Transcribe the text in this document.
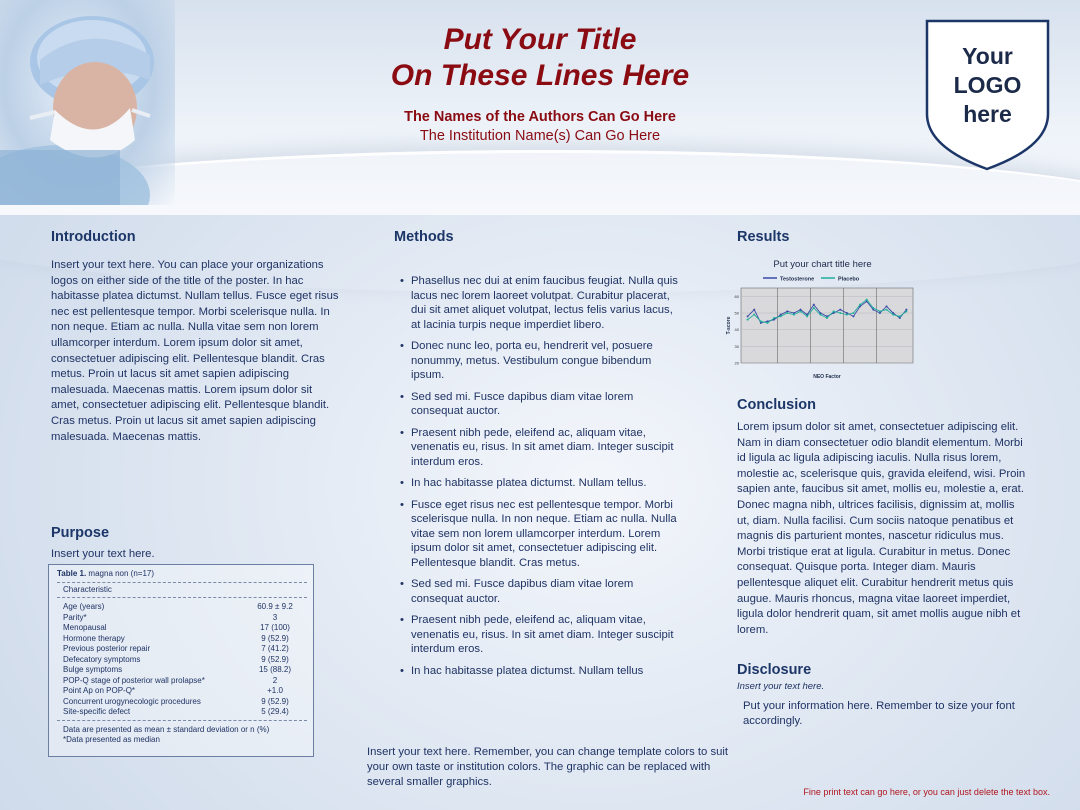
Put Your Title
On These Lines Here
The Names of the Authors Can Go Here
The Institution Name(s) Can Go Here
Your
LOGO
here
Introduction
Insert your text here. You can place your organizations logos on either side of the title of the poster. In hac habitasse platea dictumst. Nullam tellus. Fusce eget risus nec est pellentesque tempor. Morbi scelerisque nulla. In non neque. Etiam ac nulla. Nulla vitae sem non lorem ullamcorper interdum. Lorem ipsum dolor sit amet, consectetuer adipiscing elit. Pellentesque blandit. Cras metus. Proin ut lacus sit amet sapien adipiscing malesuada. Maecenas mattis. Lorem ipsum dolor sit amet, consectetuer adipiscing elit. Pellentesque blandit. Cras metus. Proin ut lacus sit amet sapien adipiscing malesuada. Maecenas mattis.
Purpose
Insert your text here.
Table 1. magna non (n=17)
Characteristic
Age (years)	60.9 ± 9.2
Parity*	3
Menopausal	17 (100)
Hormone therapy	9 (52.9)
Previous posterior repair	7 (41.2)
Defecatory symptoms	9 (52.9)
Bulge symptoms	15 (88.2)
POP-Q stage of posterior wall prolapse*	2
Point Ap on POP-Q*	+1.0
Concurrent urogynecologic procedures	9 (52.9)
Site-specific defect	5 (29.4)
Data are presented as mean ± standard deviation or n (%)
*Data presented as median
Methods
• Phasellus nec dui at enim faucibus feugiat. Nulla quis lacus nec lorem laoreet volutpat. Curabitur placerat, dui sit amet aliquet volutpat, lectus felis varius lacus, at lacinia turpis neque imperdiet libero.
• Donec nunc leo, porta eu, hendrerit vel, posuere nonummy, metus. Vestibulum congue bibendum ipsum.
• Sed sed mi. Fusce dapibus diam vitae lorem consequat auctor.
• Praesent nibh pede, eleifend ac, aliquam vitae, venenatis eu, risus. In sit amet diam. Integer suscipit interdum eros.
• In hac habitasse platea dictumst. Nullam tellus.
• Fusce eget risus nec est pellentesque tempor. Morbi scelerisque nulla. In non neque. Etiam ac nulla. Nulla vitae sem non lorem ullamcorper interdum. Lorem ipsum dolor sit amet, consectetuer adipiscing elit. Pellentesque blandit. Cras metus.
• Sed sed mi. Fusce dapibus diam vitae lorem consequat auctor.
• Praesent nibh pede, eleifend ac, aliquam vitae, venenatis eu, risus. In sit amet diam. Integer suscipit interdum eros.
• In hac habitasse platea dictumst. Nullam tellus
Insert your text here. Remember, you can change template colors to suit your own taste or institution colors. The graphic can be replaced with several smaller graphics.
Results
Put your chart title here
Testosterone	Placebo
20
30
40
50
60
NEO Factor
T-score
Conclusion
Lorem ipsum dolor sit amet, consectetuer adipiscing elit. Nam in diam consectetuer odio blandit elementum. Morbi id ligula ac ligula adipiscing iaculis. Nulla risus lorem, molestie ac, scelerisque quis, gravida eleifend, wisi. Proin sapien ante, faucibus sit amet, mollis eu, molestie a, erat. Donec magna nibh, ultrices facilisis, dignissim at, mollis ut, diam. Nulla facilisi. Cum sociis natoque penatibus et magnis dis parturient montes, nascetur ridiculus mus. Morbi tristique erat at ligula. Curabitur in metus. Donec consequat. Quisque porta. Integer diam. Mauris pellentesque aliquet elit. Curabitur hendrerit metus quis augue. Mauris rhoncus, magna vitae laoreet imperdiet, ligula dolor hendrerit quam, sit amet mollis augue nibh et lorem.
Disclosure
Insert your text here.
Put your information here. Remember to size your font accordingly.
Fine print text can go here, or you can just delete the text box.
